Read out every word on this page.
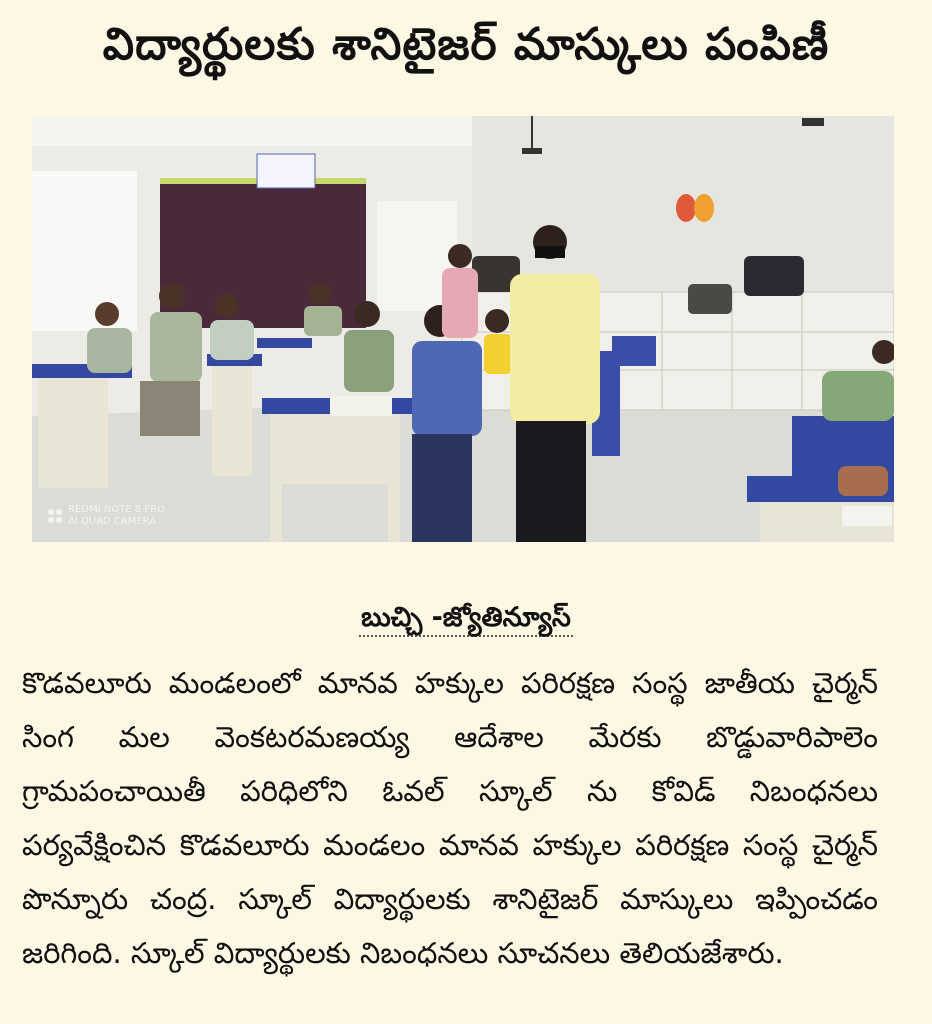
విద్యార్థులకు శానిటైజర్ మాస్కులు పంపిణీ
REDMI NOTE 8 PRO
AI QUAD CAMERA
బుచ్చి -జ్యోతిన్యూస్

కొడవలూరు మండలంలో మానవ హక్కుల పరిరక్షణ సంస్థ జాతీయ చైర్మన్ సింగ మల వెంకటరమణయ్య ఆదేశాల మేరకు బొడ్డువారిపాలెం గ్రామపంచాయితీ పరిధిలోని ఓవల్ స్కూల్ ను కోవిడ్ నిబంధనలు పర్యవేక్షించిన కొడవలూరు మండలం మానవ హక్కుల పరిరక్షణ సంస్థ చైర్మన్ పొన్నూరు చంద్ర. స్కూల్ విద్యార్థులకు శానిటైజర్ మాస్కులు ఇప్పించడం జరిగింది. స్కూల్ విద్యార్థులకు నిబంధనలు సూచనలు తెలియజేశారు.
